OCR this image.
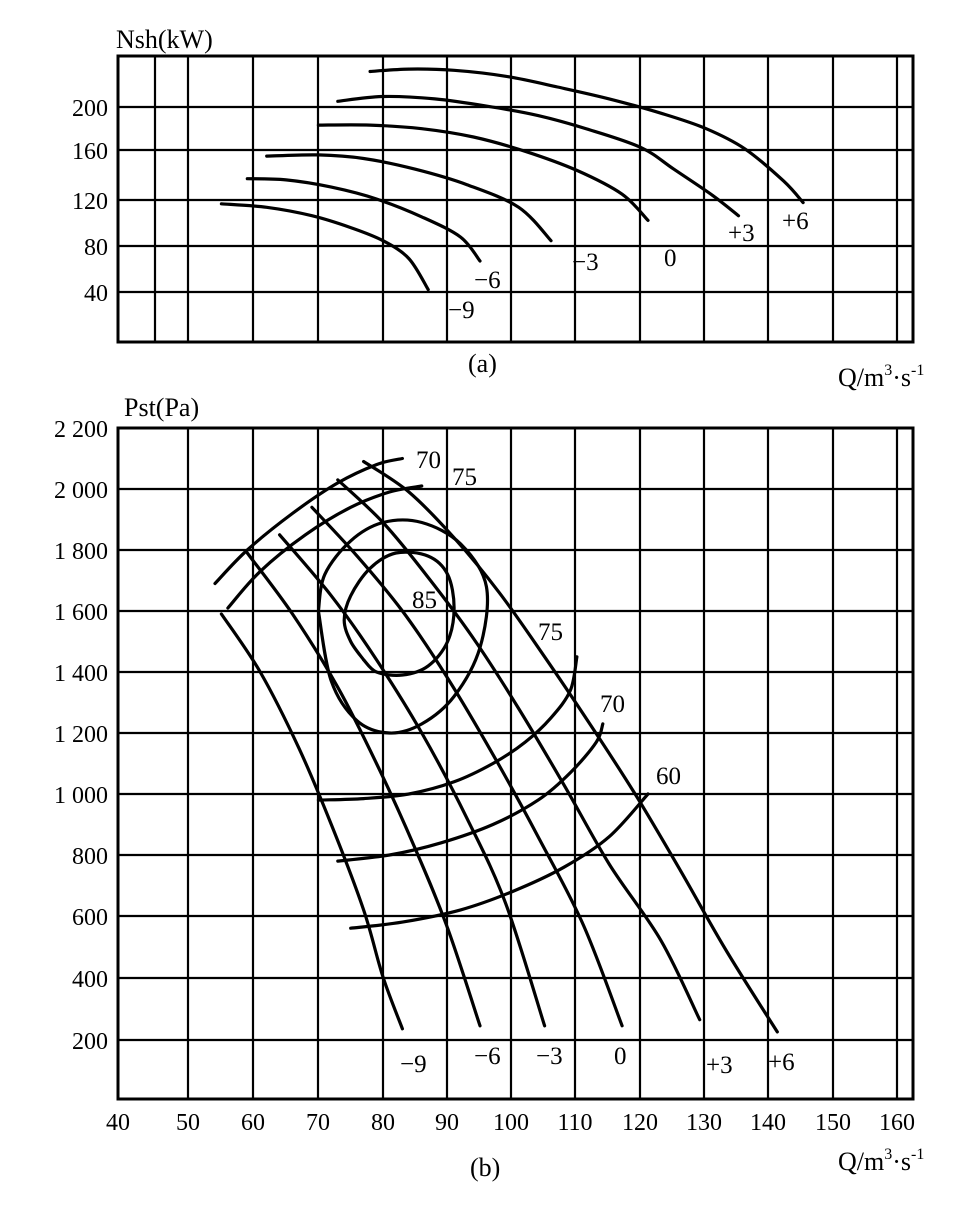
40
80
120
160
200
−9
−6
−3	0
+3 +6
Nsh(kW)
(a)	$Q/m^3\cdot s^{-1}$
200
400
600
800
1 000
1 200
1 400
1 600
1 800
2 000
2 200
40 50 60 70 80 90 100 110 120 130 140 150 160
−9 −6 −3 0	+3 +6
70
75
85
75
70
60
Pst(Pa)
(b)	$Q/m^3\cdot s^{-1}$
